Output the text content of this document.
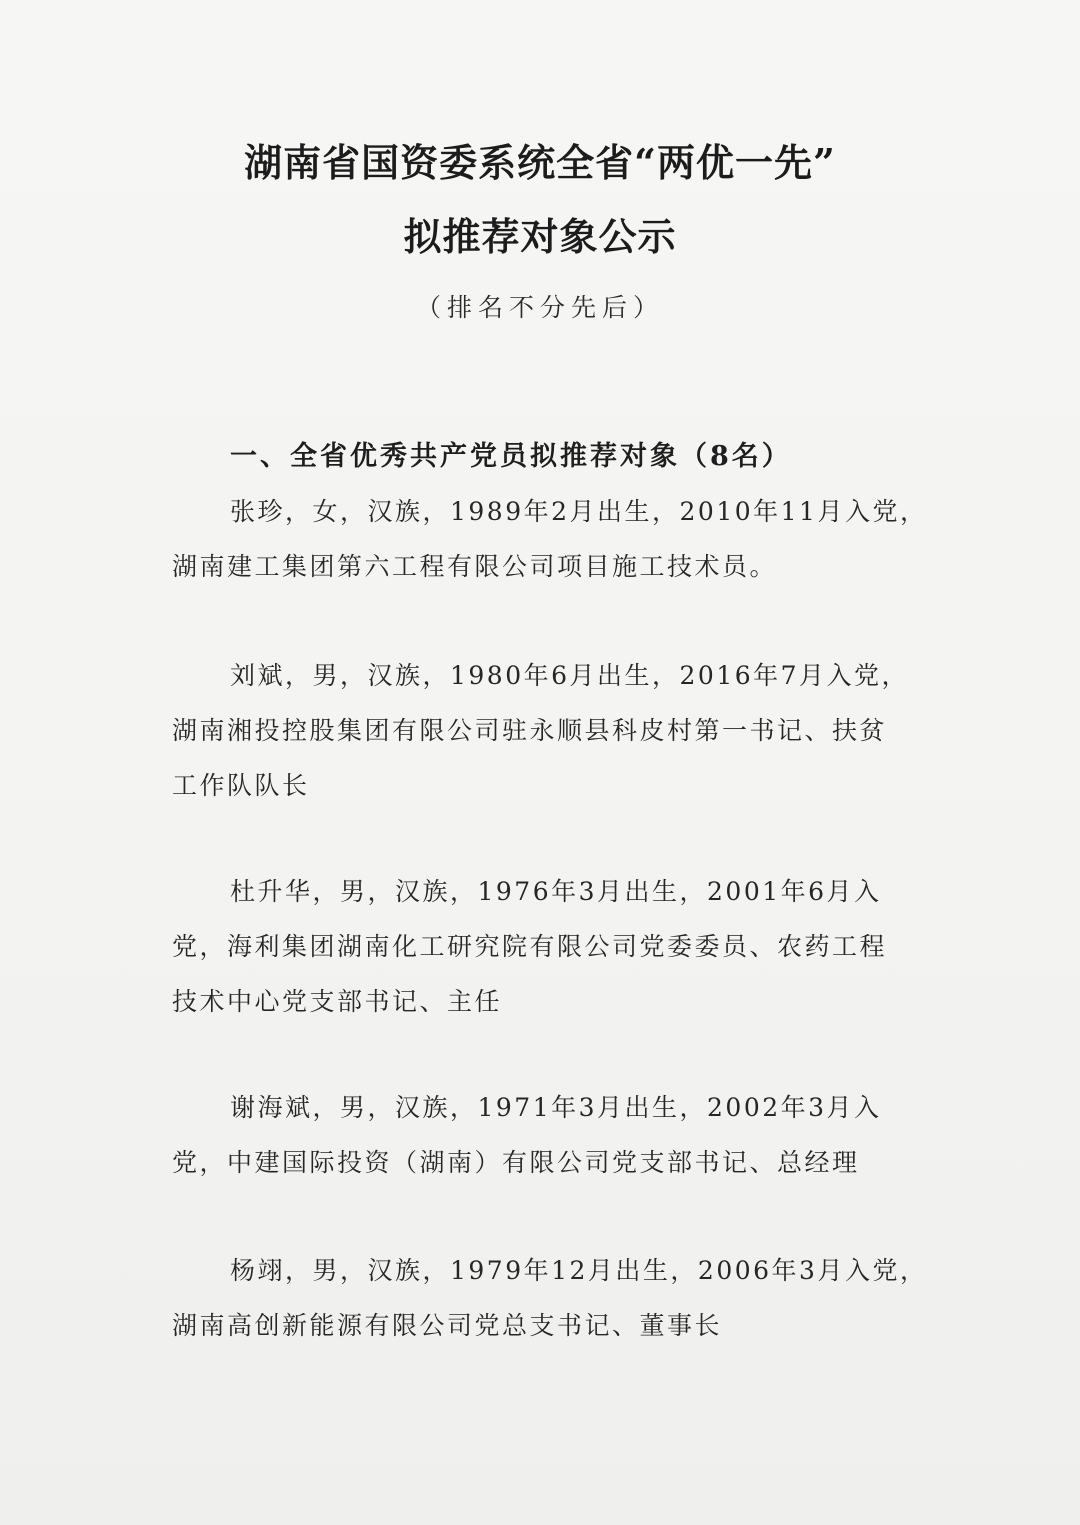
湖南省国资委系统全省“两优一先”
拟推荐对象公示
（排名不分先后）
一、全省优秀共产党员拟推荐对象（8名）
张珍，女，汉族，1989年2月出生，2010年11月入党，
湖南建工集团第六工程有限公司项目施工技术员。
刘斌，男，汉族，1980年6月出生，2016年7月入党，
湖南湘投控股集团有限公司驻永顺县科皮村第一书记、扶贫
工作队队长
杜升华，男，汉族，1976年3月出生，2001年6月入
党，海利集团湖南化工研究院有限公司党委委员、农药工程
技术中心党支部书记、主任
谢海斌，男，汉族，1971年3月出生，2002年3月入
党，中建国际投资（湖南）有限公司党支部书记、总经理
杨翊，男，汉族，1979年12月出生，2006年3月入党，
湖南高创新能源有限公司党总支书记、董事长
